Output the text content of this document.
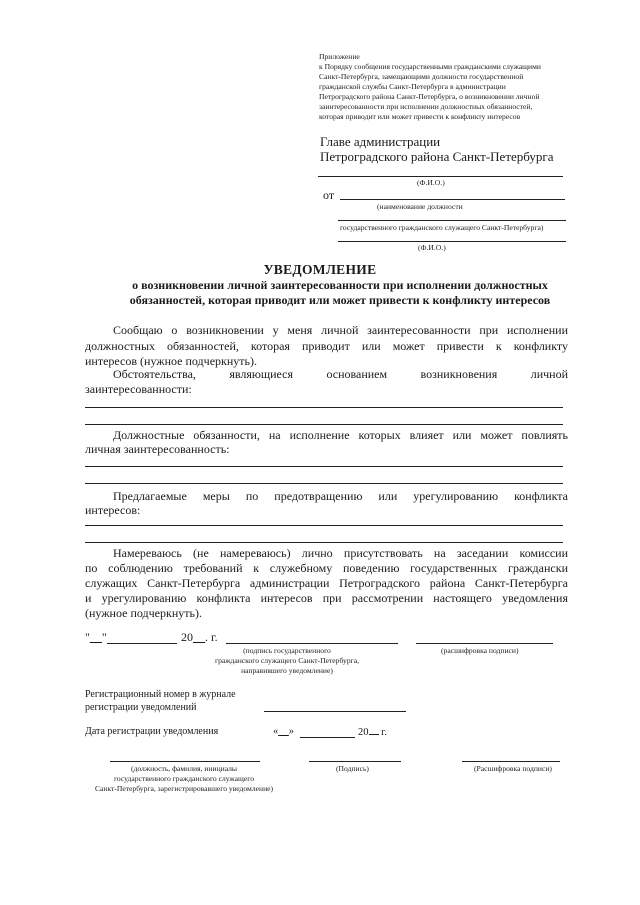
Приложение
к Порядку сообщения государственными гражданскими служащими
Санкт-Петербурга, замещающими должности государственной
гражданской службы Санкт-Петербурга в администрации
Петроградского района Санкт-Петербурга, о возникновении личной
заинтересованности при исполнении должностных обязанностей,
которая приводит или может привести к конфликту интересов
Главе администрации
Петроградского района Санкт-Петербурга
(Ф.И.О.)
от
(наименование должности
государственного гражданского служащего Санкт-Петербурга)
(Ф.И.О.)
УВЕДОМЛЕНИЕ
о возникновении личной заинтересованности при исполнении должностных
обязанностей, которая приводит или может привести к конфликту интересов
Сообщаю о возникновении у меня личной заинтересованности при исполнении
должностных обязанностей, которая приводит или может привести к конфликту
интересов (нужное подчеркнуть).
Обстоятельства, являющиеся основанием возникновения личной
заинтересованности:
Должностные обязанности, на исполнение которых влияет или может повлиять
личная заинтересованность:
Предлагаемые меры по предотвращению или урегулированию конфликта
интересов:
Намереваюсь (не намереваюсь) лично присутствовать на заседании комиссии
по соблюдению требований к служебному поведению государственных граждански
служащих Санкт-Петербурга администрации Петроградского района Санкт-Петербурга
и урегулированию конфликта интересов при рассмотрении настоящего уведомления
(нужное подчеркнуть).
"__"	20__. г.
(подпись государственного
гражданского служащего Санкт-Петербурга,
направившего уведомление)
(расшифровка подписи)
Регистрационный номер в журнале
регистрации уведомлений
Дата регистрации уведомления	«__»	20 г.
(должность, фамилия, инициалы
государственного гражданского служащего
Санкт-Петербурга, зарегистрировавшего уведомление)
(Подпись)	(Расшифровка подписи)
